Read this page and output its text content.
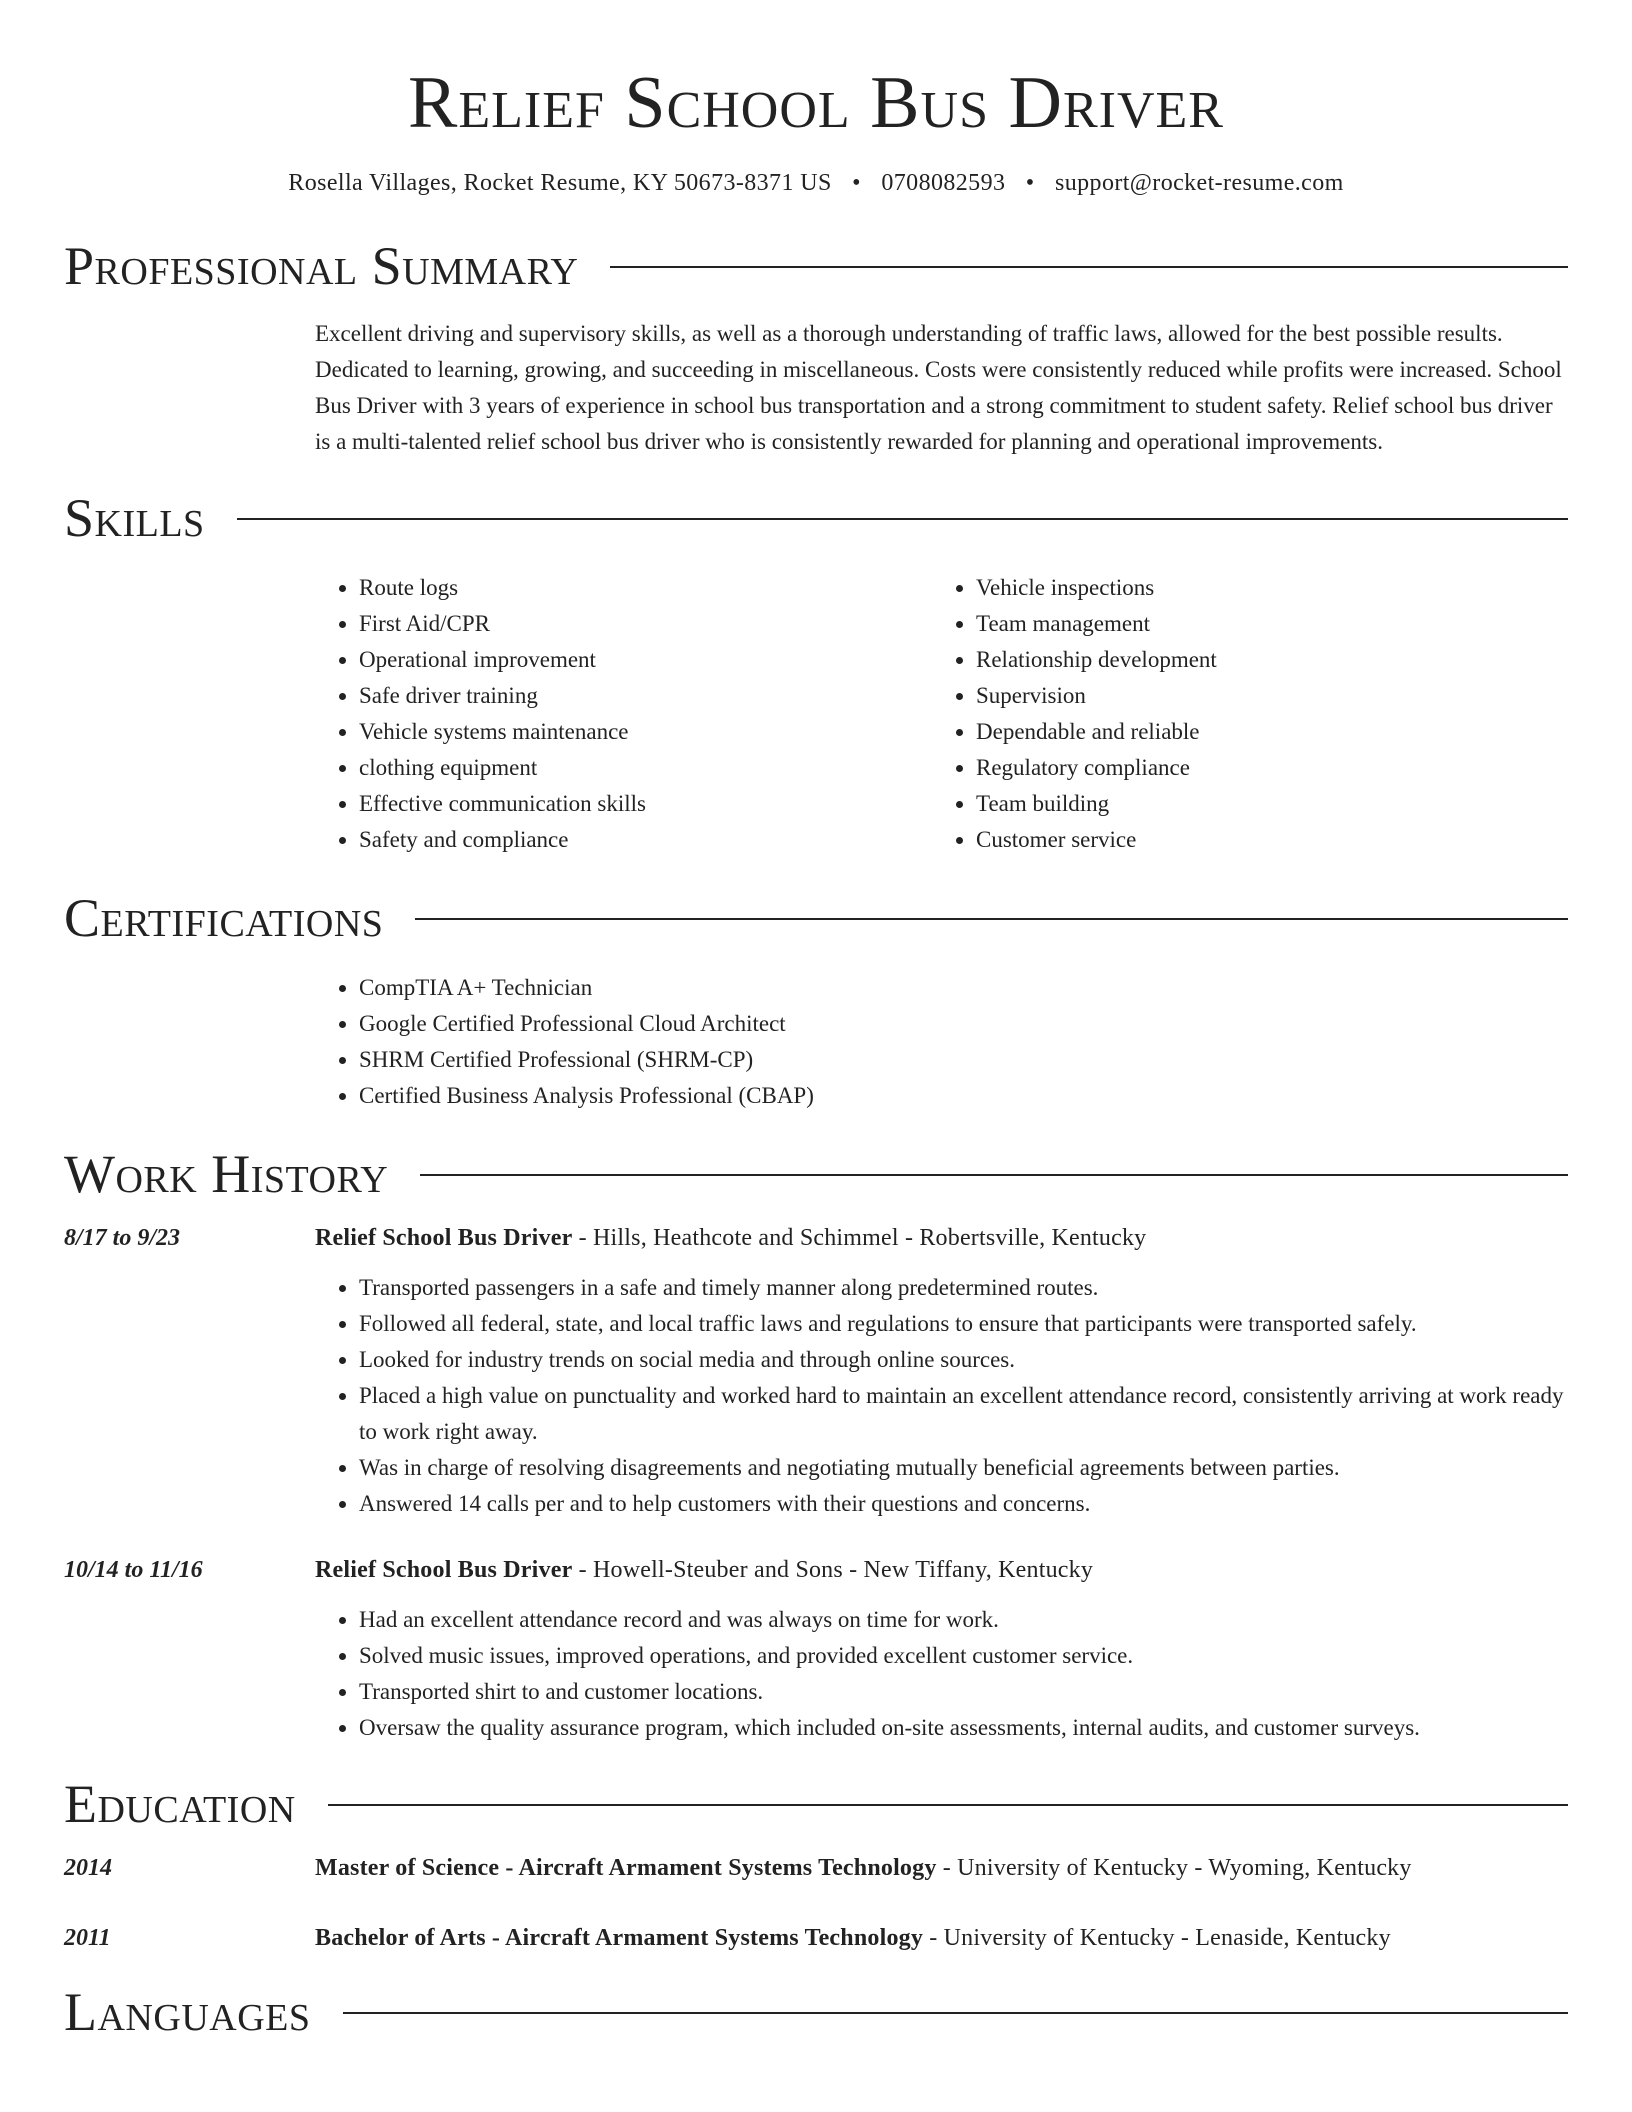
Relief School Bus Driver
Rosella Villages, Rocket Resume, KY 50673-8371 US • 0708082593 • support@rocket-resume.com
Professional Summary
Excellent driving and supervisory skills, as well as a thorough understanding of traffic laws, allowed for the best possible results. Dedicated to learning, growing, and succeeding in miscellaneous. Costs were consistently reduced while profits were increased. School Bus Driver with 3 years of experience in school bus transportation and a strong commitment to student safety. Relief school bus driver is a multi-talented relief school bus driver who is consistently rewarded for planning and operational improvements.
Skills
• Route logs
• First Aid/CPR
• Operational improvement
• Safe driver training
• Vehicle systems maintenance
• clothing equipment
• Effective communication skills
• Safety and compliance
• Vehicle inspections
• Team management
• Relationship development
• Supervision
• Dependable and reliable
• Regulatory compliance
• Team building
• Customer service
Certifications
• CompTIA A+ Technician
• Google Certified Professional Cloud Architect
• SHRM Certified Professional (SHRM-CP)
• Certified Business Analysis Professional (CBAP)
Work History
8/17 to 9/23	Relief School Bus Driver - Hills, Heathcote and Schimmel - Robertsville, Kentucky
• Transported passengers in a safe and timely manner along predetermined routes.
• Followed all federal, state, and local traffic laws and regulations to ensure that participants were transported safely.
• Looked for industry trends on social media and through online sources.
• Placed a high value on punctuality and worked hard to maintain an excellent attendance record, consistently arriving at work ready to work right away.
• Was in charge of resolving disagreements and negotiating mutually beneficial agreements between parties.
• Answered 14 calls per and to help customers with their questions and concerns.
10/14 to 11/16	Relief School Bus Driver - Howell-Steuber and Sons - New Tiffany, Kentucky
• Had an excellent attendance record and was always on time for work.
• Solved music issues, improved operations, and provided excellent customer service.
• Transported shirt to and customer locations.
• Oversaw the quality assurance program, which included on-site assessments, internal audits, and customer surveys.
Education
2014	Master of Science - Aircraft Armament Systems Technology - University of Kentucky - Wyoming, Kentucky
2011	Bachelor of Arts - Aircraft Armament Systems Technology - University of Kentucky - Lenaside, Kentucky
Languages
